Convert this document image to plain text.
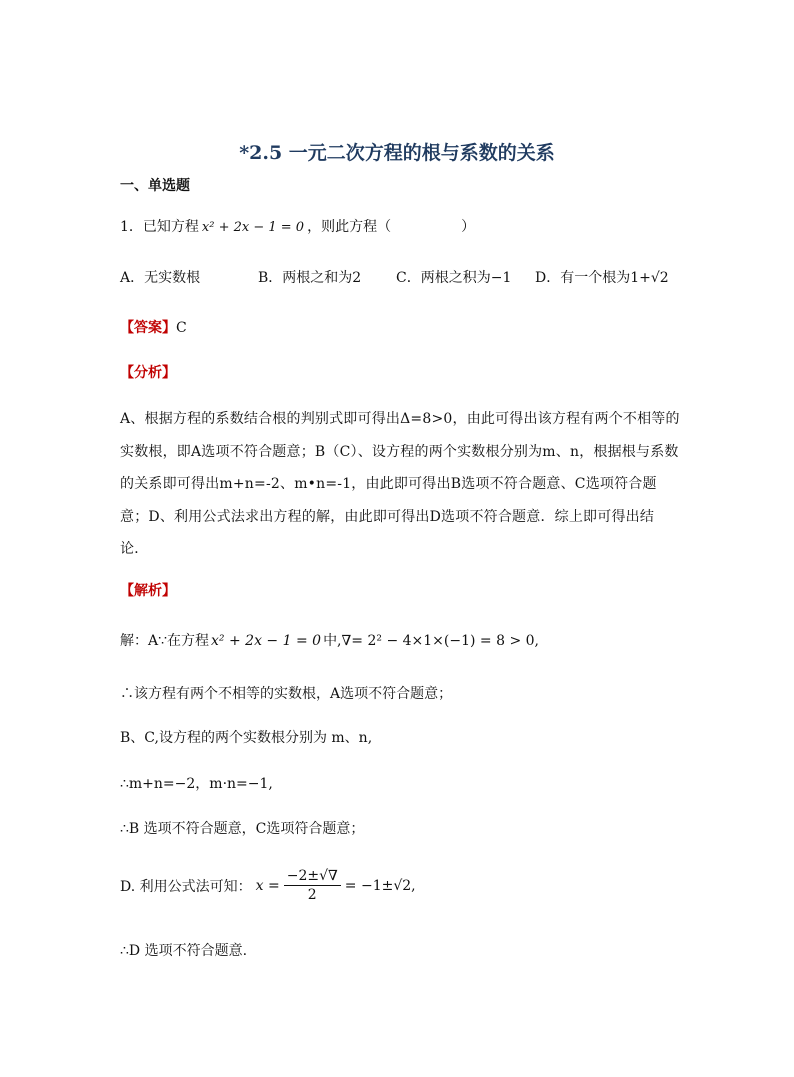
*2.5 一元二次方程的根与系数的关系
一、单选题
1．已知方程 x² + 2x − 1 = 0 ，则此方程（　　　　　）
A．无实数根	B．两根之和为2 C．两根之积为−1 D．有一个根为1+√2
【答案】C
【分析】
A、根据方程的系数结合根的判别式即可得出Δ=8>0，由此可得出该方程有两个不相等的实数根，即A选项不符合题意；B（C）、设方程的两个实数根分别为m、n，根据根与系数的关系即可得出m+n=-2、m•n=-1，由此即可得出B选项不符合题意、C选项符合题意；D、利用公式法求出方程的解，由此即可得出D选项不符合题意．综上即可得出结论．
【解析】
解：A∵在方程 x² + 2x − 1 = 0 中,∇= 2² − 4×1×(−1) = 8 > 0,
∴该方程有两个不相等的实数根，A选项不符合题意；
B、C,设方程的两个实数根分别为 m、n,
∴m+n=−2，m·n=−1,
∴B 选项不符合题意，C选项符合题意；
D. 利用公式法可知： $x = \frac{-2\pm√\nabla}{2} = -1\pm√2$,
∴D 选项不符合题意.
